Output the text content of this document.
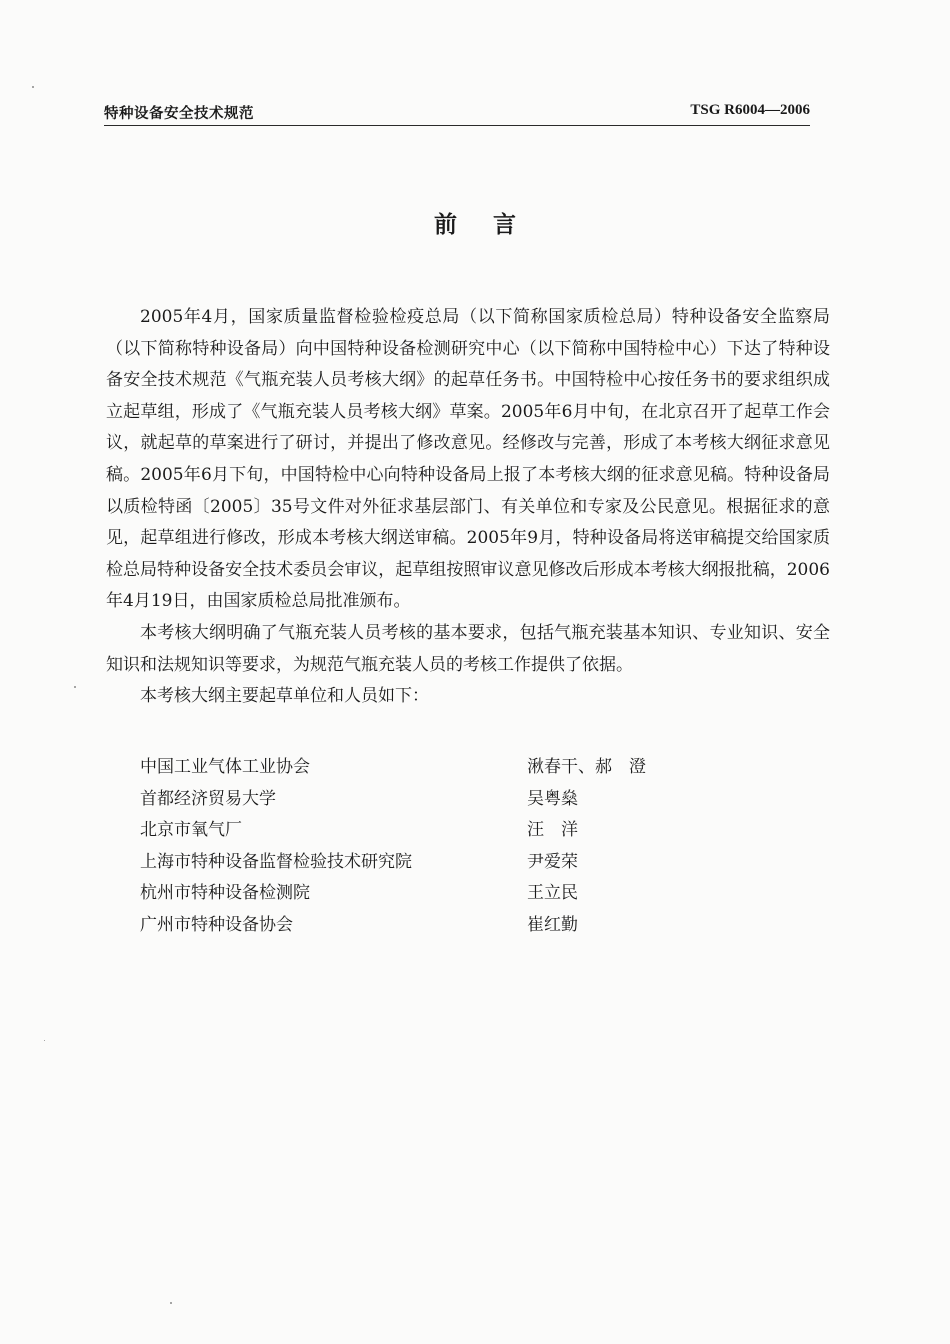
特种设备安全技术规范	TSG R6004—2006
前言

2005年4月，国家质量监督检验检疫总局（以下简称国家质检总局）特种设备安全监察局（以下简称特种设备局）向中国特种设备检测研究中心（以下简称中国特检中心）下达了特种设备安全技术规范《气瓶充装人员考核大纲》的起草任务书。中国特检中心按任务书的要求组织成立起草组，形成了《气瓶充装人员考核大纲》草案。2005年6月中旬，在北京召开了起草工作会议，就起草的草案进行了研讨，并提出了修改意见。经修改与完善，形成了本考核大纲征求意见稿。2005年6月下旬，中国特检中心向特种设备局上报了本考核大纲的征求意见稿。特种设备局以质检特函〔2005〕35号文件对外征求基层部门、有关单位和专家及公民意见。根据征求的意见，起草组进行修改，形成本考核大纲送审稿。2005年9月，特种设备局将送审稿提交给国家质检总局特种设备安全技术委员会审议，起草组按照审议意见修改后形成本考核大纲报批稿，2006年4月19日，由国家质检总局批准颁布。

本考核大纲明确了气瓶充装人员考核的基本要求，包括气瓶充装基本知识、专业知识、安全知识和法规知识等要求，为规范气瓶充装人员的考核工作提供了依据。

本考核大纲主要起草单位和人员如下：

中国工业气体工业协会	湫春干、郝　澄
首都经济贸易大学	吴粤燊
北京市氧气厂	汪　洋
上海市特种设备监督检验技术研究院	尹爱荣
杭州市特种设备检测院	王立民
广州市特种设备协会	崔红勤
